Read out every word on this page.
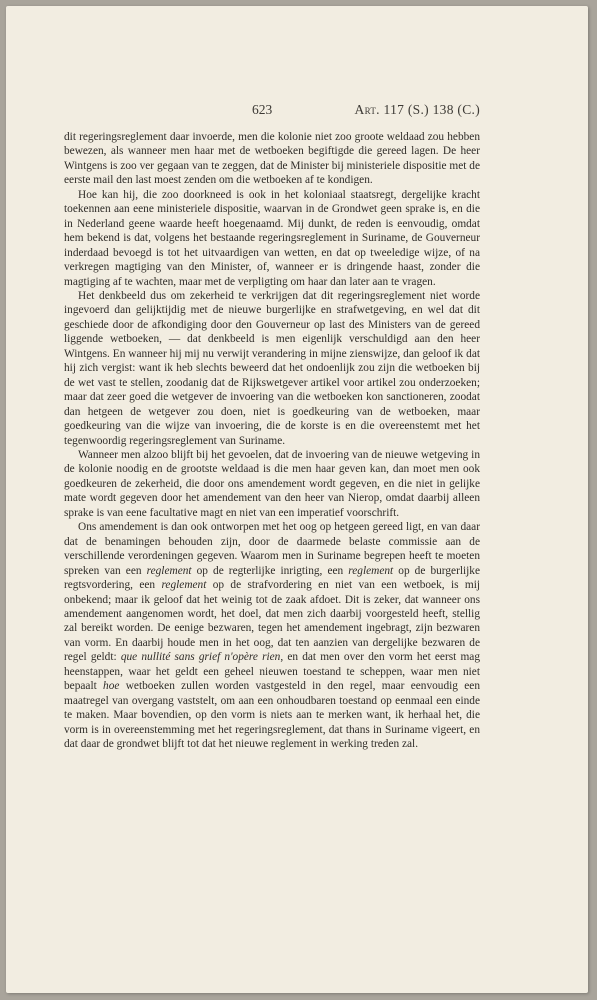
623	Art. 117 (S.) 138 (C.)

dit regeringsreglement daar invoerde, men die kolonie niet zoo groote weldaad zou hebben bewezen, als wanneer men haar met de wetboeken begiftigde die gereed lagen. De heer Wintgens is zoo ver gegaan van te zeggen, dat de Minister bij ministeriele dispositie met de eerste mail den last moest zenden om die wetboeken af te kondigen.

Hoe kan hij, die zoo doorkneed is ook in het koloniaal staatsregt, dergelijke kracht toekennen aan eene ministeriele dispositie, waarvan in de Grondwet geen sprake is, en die in Nederland geene waarde heeft hoegenaamd. Mij dunkt, de reden is eenvoudig, omdat hem bekend is dat, volgens het bestaande regeringsreglement in Suriname, de Gouverneur inderdaad bevoegd is tot het uitvaardigen van wetten, en dat op tweeledige wijze, of na verkregen magtiging van den Minister, of, wanneer er is dringende haast, zonder die magtiging af te wachten, maar met de verpligting om haar dan later aan te vragen.

Het denkbeeld dus om zekerheid te verkrijgen dat dit regeringsreglement niet worde ingevoerd dan gelijktijdig met de nieuwe burgerlijke en strafwetgeving, en wel dat dit geschiede door de afkondiging door den Gouverneur op last des Ministers van de gereed liggende wetboeken, — dat denkbeeld is men eigenlijk verschuldigd aan den heer Wintgens. En wanneer hij mij nu verwijt verandering in mijne zienswijze, dan geloof ik dat hij zich vergist: want ik heb slechts beweerd dat het ondoenlijk zou zijn die wetboeken bij de wet vast te stellen, zoodanig dat de Rijkswetgever artikel voor artikel zou onderzoeken; maar dat zeer goed die wetgever de invoering van die wetboeken kon sanctioneren, zoodat dan hetgeen de wetgever zou doen, niet is goedkeuring van de wetboeken, maar goedkeuring van die wijze van invoering, die de korste is en die overeenstemt met het tegenwoordig regeringsreglement van Suriname.

Wanneer men alzoo blijft bij het gevoelen, dat de invoering van de nieuwe wetgeving in de kolonie noodig en de grootste weldaad is die men haar geven kan, dan moet men ook goedkeuren de zekerheid, die door ons amendement wordt gegeven, en die niet in gelijke mate wordt gegeven door het amendement van den heer van Nierop, omdat daarbij alleen sprake is van eene facultative magt en niet van een imperatief voorschrift.

Ons amendement is dan ook ontworpen met het oog op hetgeen gereed ligt, en van daar dat de benamingen behouden zijn, door de daarmede belaste commissie aan de verschillende verordeningen gegeven. Waarom men in Suriname begrepen heeft te moeten spreken van een reglement op de regterlijke inrigting, een reglement op de burgerlijke regtsvordering, een reglement op de strafvordering en niet van een wetboek, is mij onbekend; maar ik geloof dat het weinig tot de zaak afdoet. Dit is zeker, dat wanneer ons amendement aangenomen wordt, het doel, dat men zich daarbij voorgesteld heeft, stellig zal bereikt worden. De eenige bezwaren, tegen het amendement ingebragt, zijn bezwaren van vorm. En daarbij houde men in het oog, dat ten aanzien van dergelijke bezwaren de regel geldt: que nullité sans grief n'opère rien, en dat men over den vorm het eerst mag heenstappen, waar het geldt een geheel nieuwen toestand te scheppen, waar men niet bepaalt hoe wetboeken zullen worden vastgesteld in den regel, maar eenvoudig een maatregel van overgang vaststelt, om aan een onhoudbaren toestand op eenmaal een einde te maken. Maar bovendien, op den vorm is niets aan te merken want, ik herhaal het, die vorm is in overeenstemming met het regeringsreglement, dat thans in Suriname vigeert, en dat daar de grondwet blijft tot dat het nieuwe reglement in werking treden zal.
